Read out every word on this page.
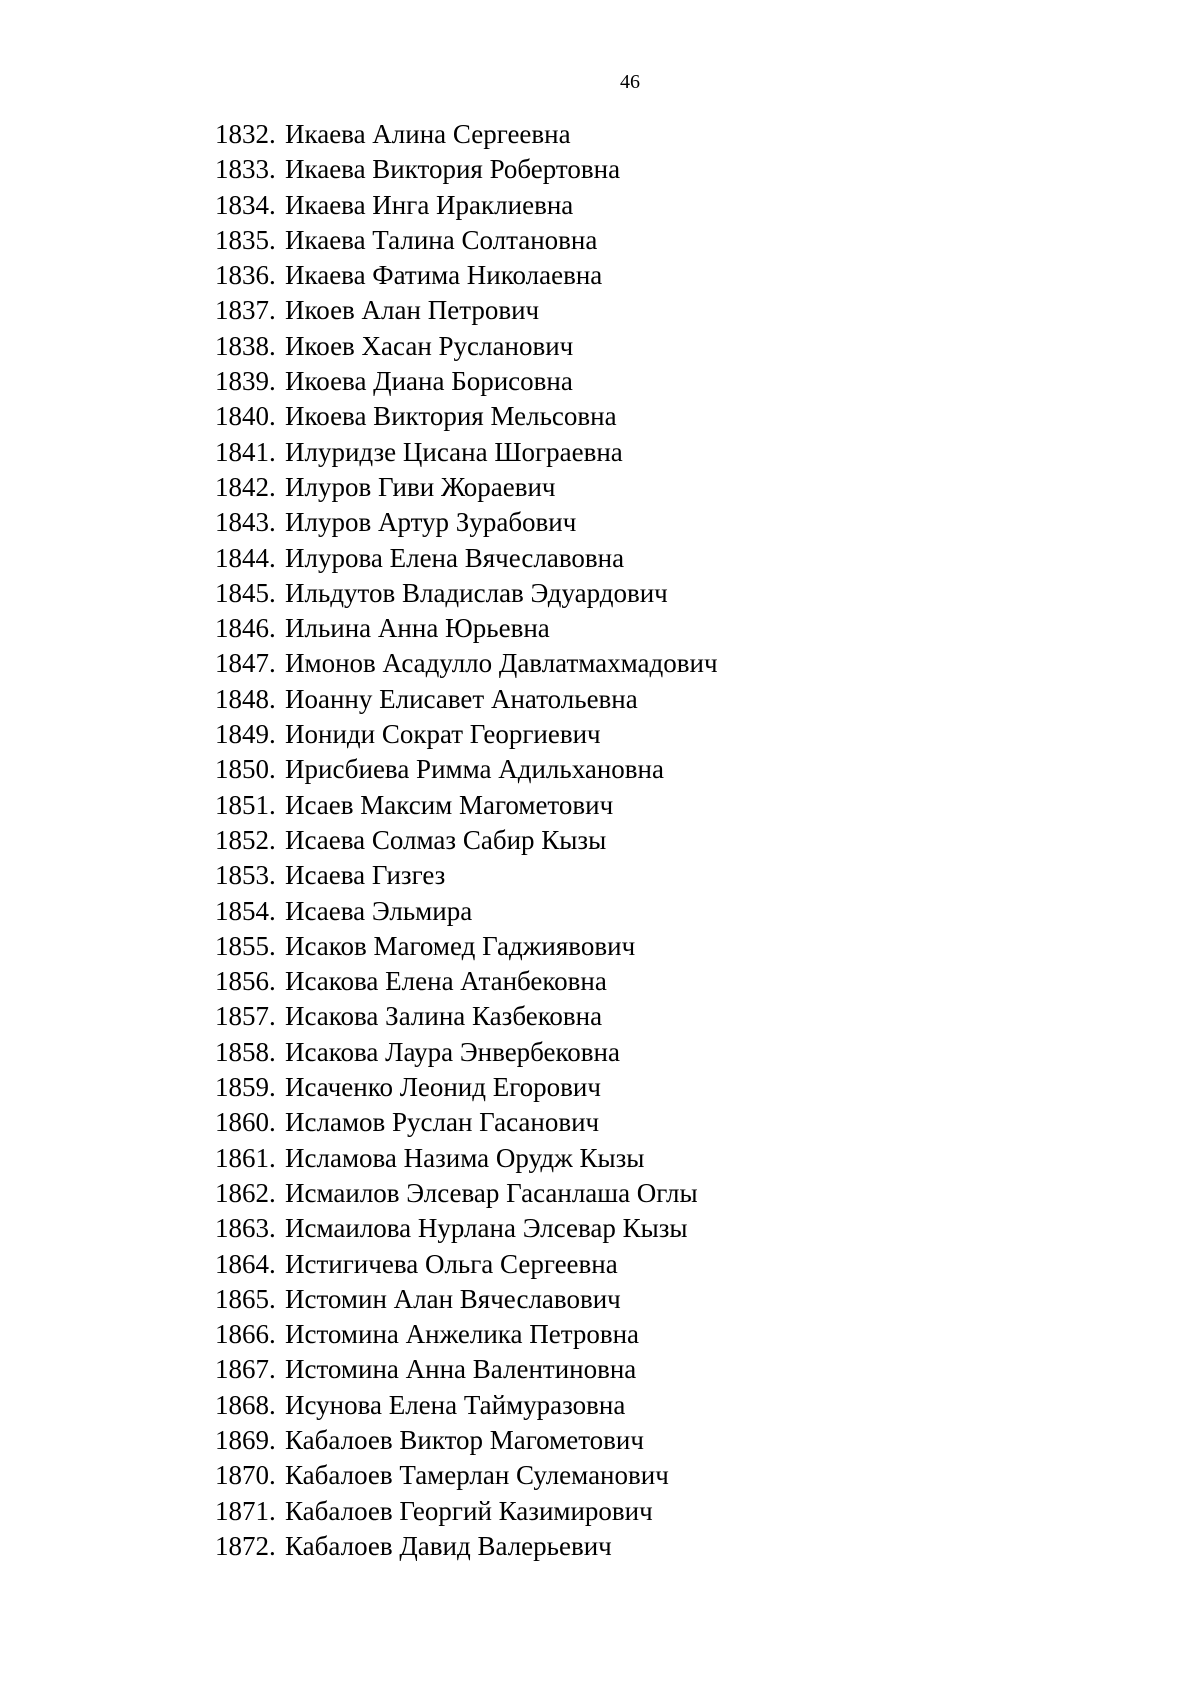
46
1832. Икаева Алина Сергеевна
1833. Икаева Виктория Робертовна
1834. Икаева Инга Ираклиевна
1835. Икаева Талина Солтановна
1836. Икаева Фатима Николаевна
1837. Икоев Алан Петрович
1838. Икоев Хасан Русланович
1839. Икоева Диана Борисовна
1840. Икоева Виктория Мельсовна
1841. Илуридзе Цисана Шограевна
1842. Илуров Гиви Жораевич
1843. Илуров Артур Зурабович
1844. Илурова Елена Вячеславовна
1845. Ильдутов Владислав Эдуардович
1846. Ильина Анна Юрьевна
1847. Имонов Асадулло Давлатмахмадович
1848. Иоанну Елисавет Анатольевна
1849. Иониди Сократ Георгиевич
1850. Ирисбиева Римма Адильхановна
1851. Исаев Максим Магометович
1852. Исаева Солмаз Сабир Кызы
1853. Исаева Гизгез
1854. Исаева Эльмира
1855. Исаков Магомед Гаджиявович
1856. Исакова Елена Атанбековна
1857. Исакова Залина Казбековна
1858. Исакова Лаура Энвербековна
1859. Исаченко Леонид Егорович
1860. Исламов Руслан Гасанович
1861. Исламова Назима Орудж Кызы
1862. Исмаилов Элсевар Гасанлаша Оглы
1863. Исмаилова Нурлана Элсевар Кызы
1864. Истигичева Ольга Сергеевна
1865. Истомин Алан Вячеславович
1866. Истомина Анжелика Петровна
1867. Истомина Анна Валентиновна
1868. Исунова Елена Таймуразовна
1869. Кабалоев Виктор Магометович
1870. Кабалоев Тамерлан Сулеманович
1871. Кабалоев Георгий Казимирович
1872. Кабалоев Давид Валерьевич
